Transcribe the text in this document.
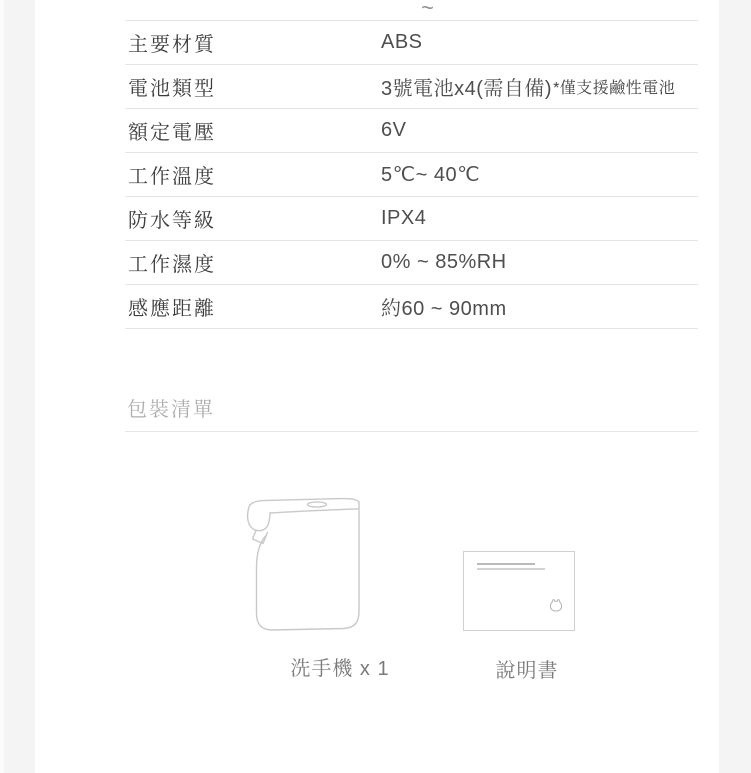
~
主要材質	ABS
電池類型	3號電池x4(需自備) *僅支援鹼性電池
額定電壓	6V
工作溫度	5℃~ 40℃
防水等級	IPX4
工作濕度	0% ~ 85%RH
感應距離	約60 ~ 90mm
包裝清單
洗手機 x 1	說明書
